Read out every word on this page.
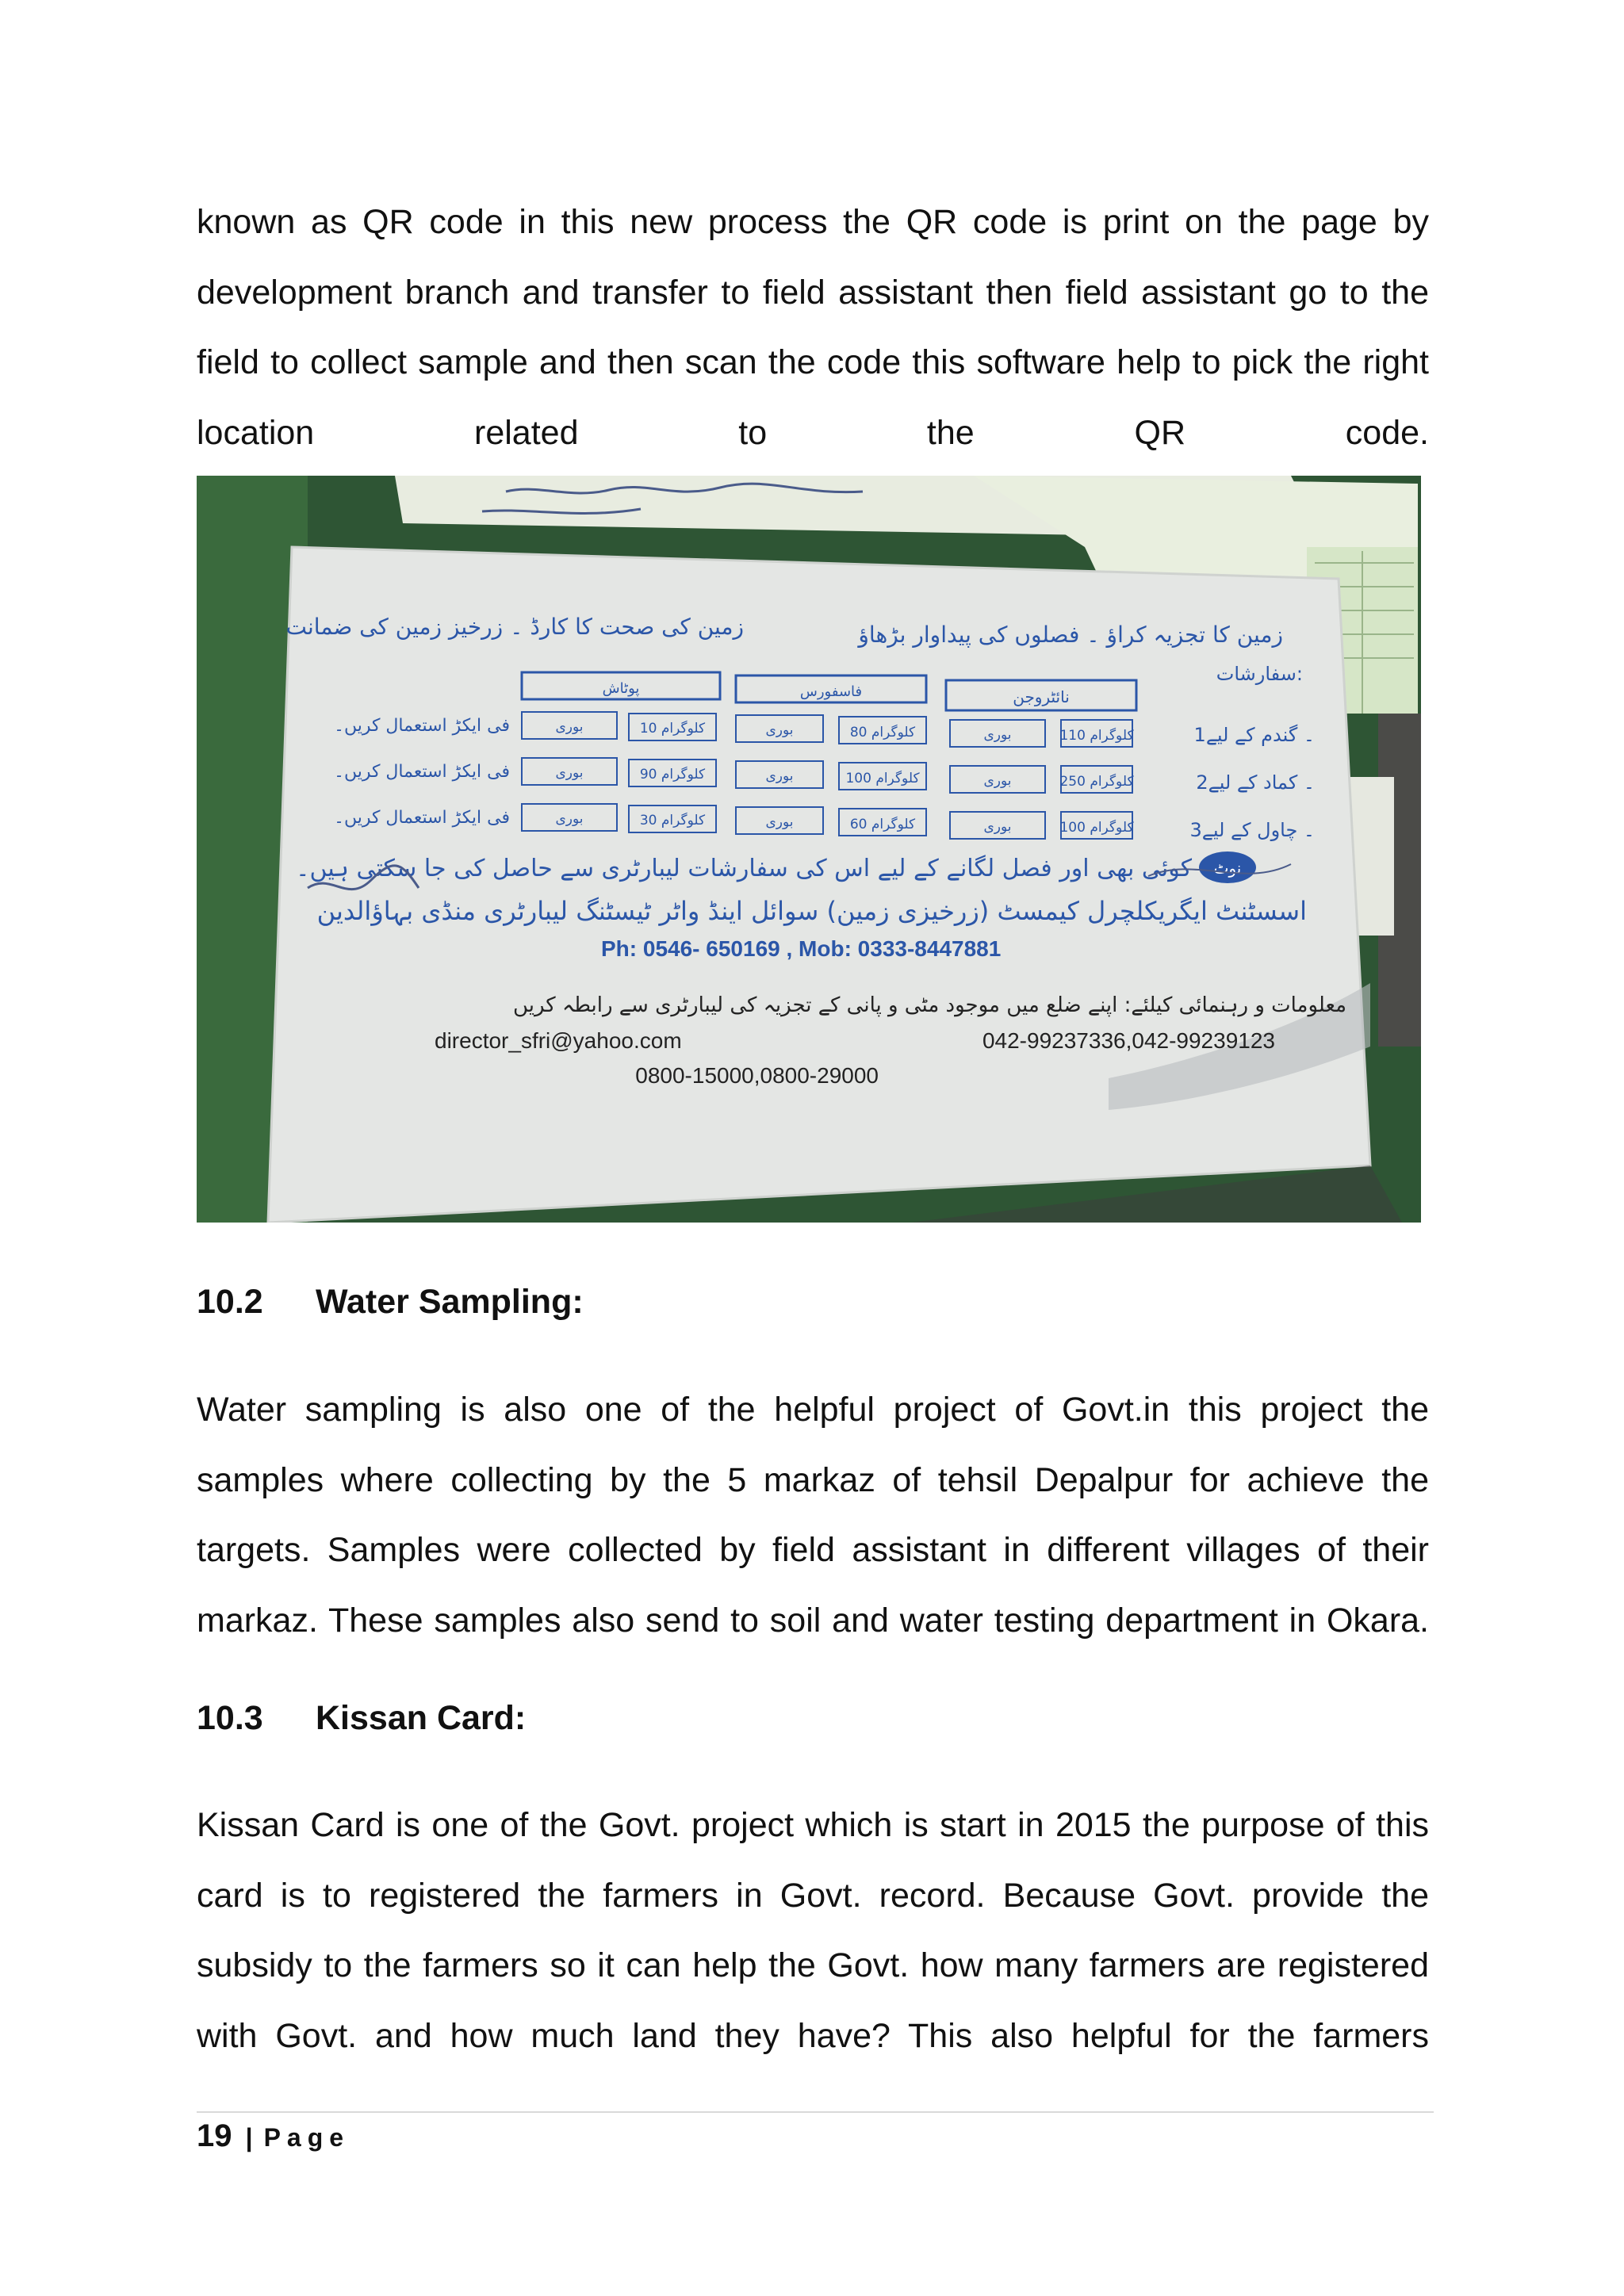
known as QR code in this new process the QR code is print on the page by
development branch and transfer to field assistant then field assistant go to the
field to collect sample and then scan the code this software help to pick the right
location related to the QR code.

زمین کا تجزیہ کراؤ ۔ فصلوں کی پیداوار بڑھاؤ
زمین کی صحت کا کارڈ ۔ زرخیز زمین کی ضمانت
سفارشات:
نائٹروجن
فاسفورس
پوٹاش
1۔ گندم کے لیے
110 کلوگرام
بوری
80 کلوگرام
بوری
10 کلوگرام
بوری
فی ایکڑ استعمال کریں۔
2۔ کماد کے لیے
250 کلوگرام
بوری
100 کلوگرام
بوری
90 کلوگرام
بوری
فی ایکڑ استعمال کریں۔
3۔ چاول کے لیے
100 کلوگرام
بوری
60 کلوگرام
بوری
30 کلوگرام
بوری
فی ایکڑ استعمال کریں۔
نوٹ
کوئی بھی اور فصل لگانے کے لیے اس کی سفارشات لیبارٹری سے حاصل کی جا سکتی ہیں۔
اسسٹنٹ ایگریکلچرل کیمسٹ (زرخیزی زمین) سوائل اینڈ واٹر ٹیسٹنگ لیبارٹری منڈی بہاؤالدین
Ph: 0546- 650169 , Mob: 0333-8447881
معلومات و رہنمائی کیلئے: اپنے ضلع میں موجود مٹی و پانی کے تجزیہ کی لیبارٹری سے رابطہ کریں
042-99237336,042-99239123
director_sfri@yahoo.com
0800-15000,0800-29000
10.2 Water Sampling:

Water sampling is also one of the helpful project of Govt.in this project the
samples where collecting by the 5 markaz of tehsil Depalpur for achieve the
targets. Samples were collected by field assistant in different villages of their
markaz. These samples also send to soil and water testing department in Okara.

10.3 Kissan Card:

Kissan Card is one of the Govt. project which is start in 2015 the purpose of this
card is to registered the farmers in Govt. record. Because Govt. provide the
subsidy to the farmers so it can help the Govt. how many farmers are registered
with Govt. and how much land they have? This also helpful for the farmers

19 | Page
